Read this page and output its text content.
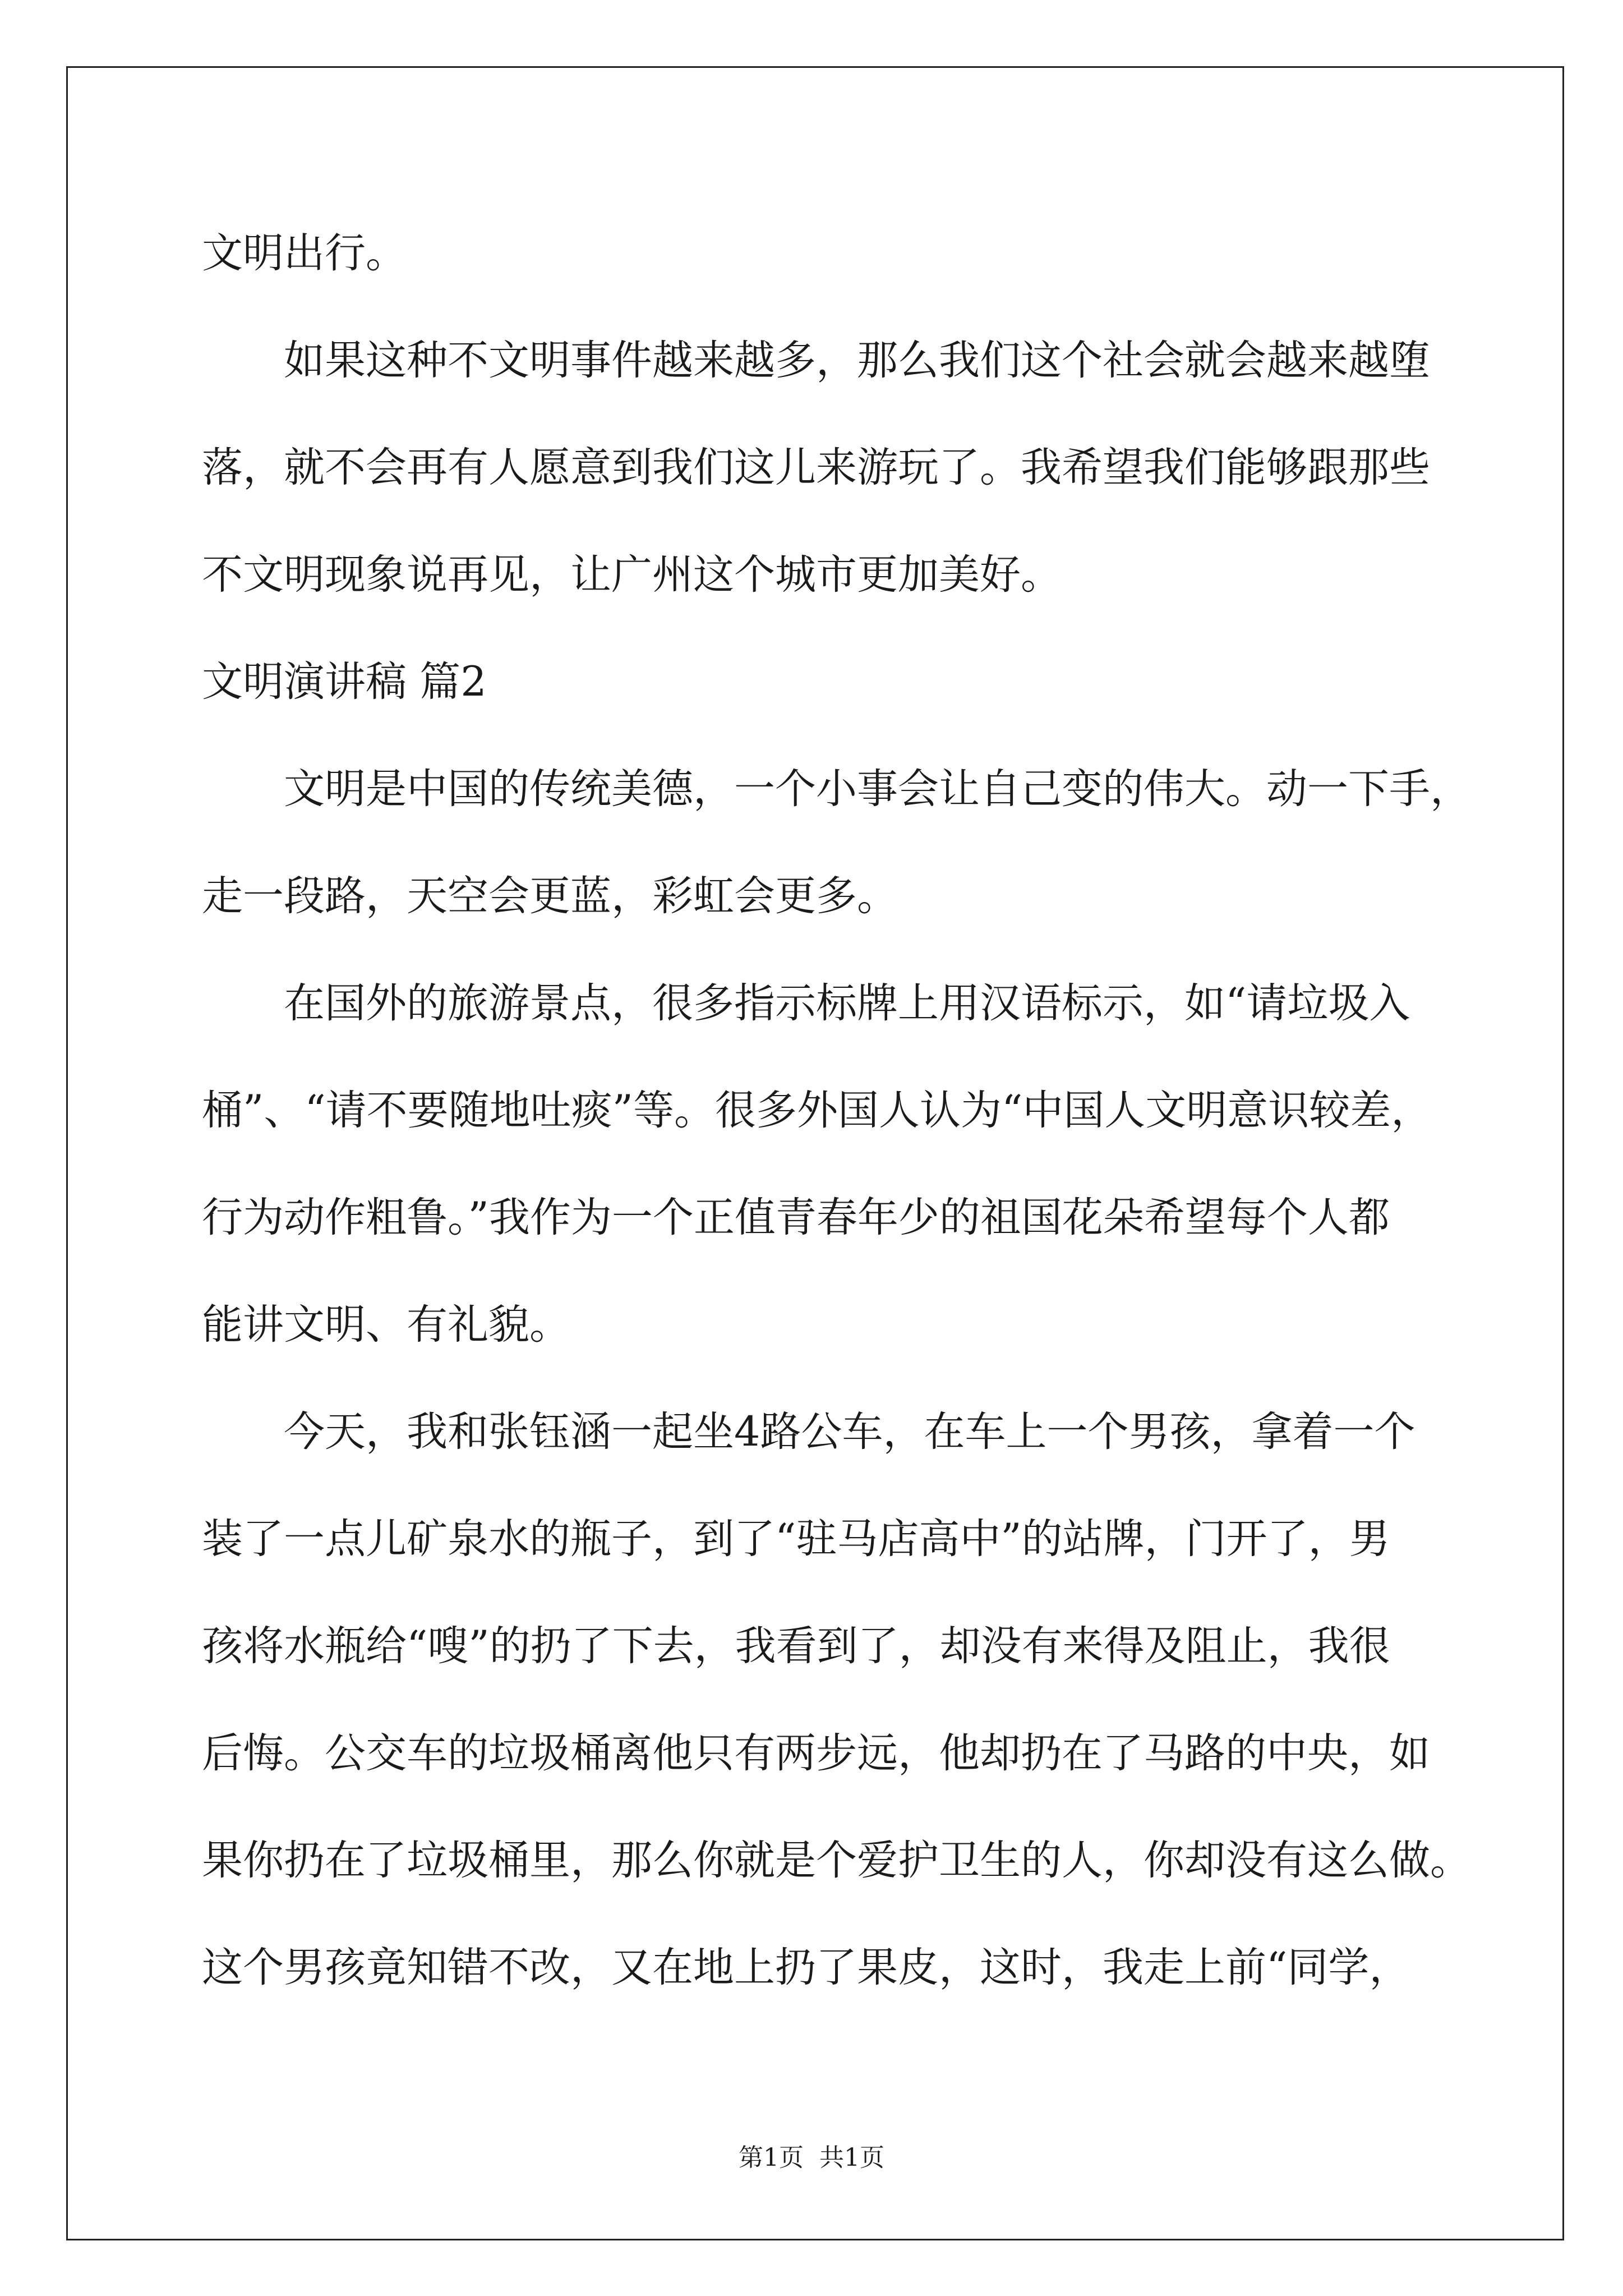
文明出行。
如果这种不文明事件越来越多，那么我们这个社会就会越来越堕
落，就不会再有人愿意到我们这儿来游玩了。我希望我们能够跟那些
不文明现象说再见，让广州这个城市更加美好。
文明演讲稿 篇2
文明是中国的传统美德，一个小事会让自己变的伟大。动一下手，
走一段路，天空会更蓝，彩虹会更多。
在国外的旅游景点，很多指示标牌上用汉语标示，如“请垃圾入
桶”、“请不要随地吐痰”等。很多外国人认为“中国人文明意识较差，
行为动作粗鲁。”我作为一个正值青春年少的祖国花朵希望每个人都
能讲文明、有礼貌。
今天，我和张钰涵一起坐4路公车，在车上一个男孩，拿着一个
装了一点儿矿泉水的瓶子，到了“驻马店高中”的站牌，门开了，男
孩将水瓶给“嗖”的扔了下去，我看到了，却没有来得及阻止，我很
后悔。公交车的垃圾桶离他只有两步远，他却扔在了马路的中央，如
果你扔在了垃圾桶里，那么你就是个爱护卫生的人，你却没有这么做。
这个男孩竟知错不改，又在地上扔了果皮，这时，我走上前“同学，
第1页  共1页
